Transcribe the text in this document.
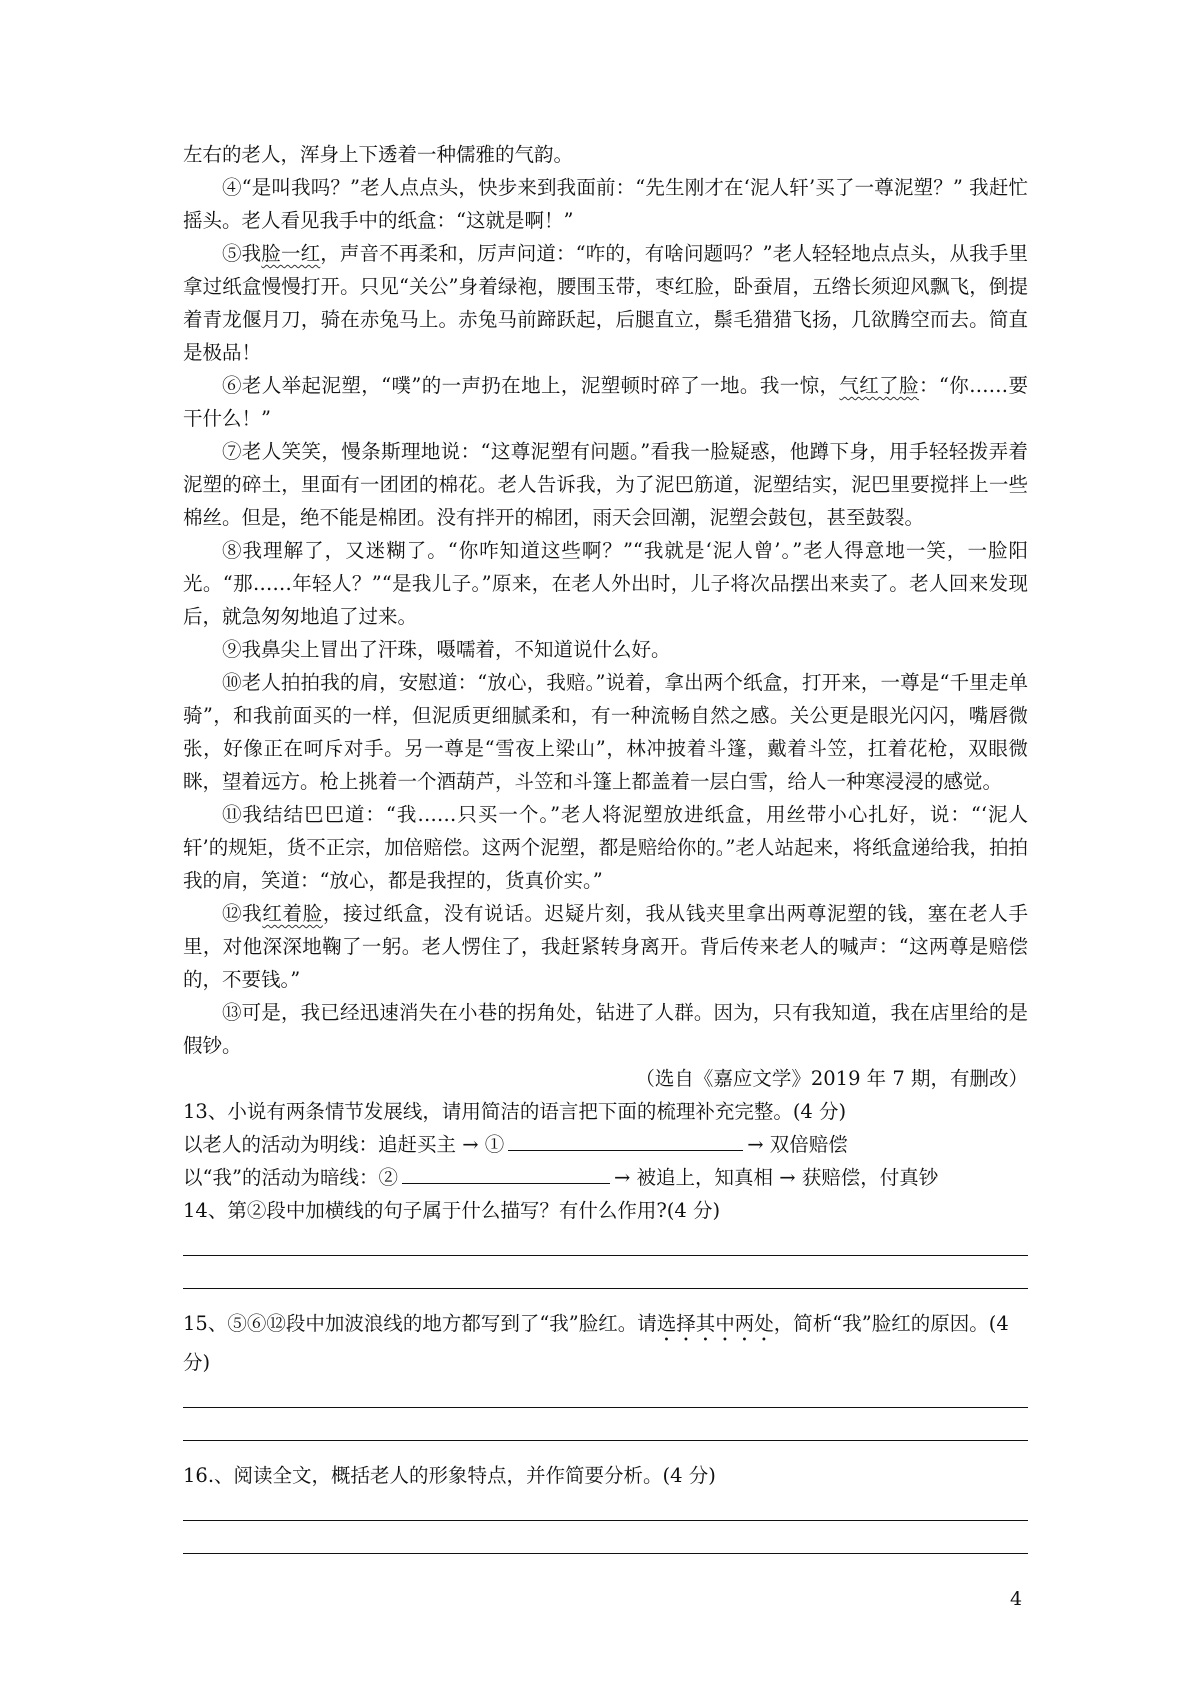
左右的老人，浑身上下透着一种儒雅的气韵。

④“是叫我吗？”老人点点头，快步来到我面前：“先生刚才在‘泥人轩’买了一尊泥塑？” 我赶忙摇头。老人看见我手中的纸盒：“这就是啊！”

⑤我脸一红，声音不再柔和，厉声问道：“咋的，有啥问题吗？”老人轻轻地点点头，从我手里拿过纸盒慢慢打开。只见“关公”身着绿袍，腰围玉带，枣红脸，卧蚕眉，五绺长须迎风飘飞，倒提着青龙偃月刀，骑在赤兔马上。赤兔马前蹄跃起，后腿直立，鬃毛猎猎飞扬，几欲腾空而去。简直是极品！

⑥老人举起泥塑，“噗”的一声扔在地上，泥塑顿时碎了一地。我一惊，气红了脸：“你……要干什么！”

⑦老人笑笑，慢条斯理地说：“这尊泥塑有问题。”看我一脸疑惑，他蹲下身，用手轻轻拨弄着泥塑的碎土，里面有一团团的棉花。老人告诉我，为了泥巴筋道，泥塑结实，泥巴里要搅拌上一些棉丝。但是，绝不能是棉团。没有拌开的棉团，雨天会回潮，泥塑会鼓包，甚至鼓裂。

⑧我理解了，又迷糊了。“你咋知道这些啊？”“我就是‘泥人曾’。”老人得意地一笑，一脸阳光。“那……年轻人？”“是我儿子。”原来，在老人外出时，儿子将次品摆出来卖了。老人回来发现后，就急匆匆地追了过来。

⑨我鼻尖上冒出了汗珠，嗫嚅着，不知道说什么好。

⑩老人拍拍我的肩，安慰道：“放心，我赔。”说着，拿出两个纸盒，打开来，一尊是“千里走单骑”，和我前面买的一样，但泥质更细腻柔和，有一种流畅自然之感。关公更是眼光闪闪，嘴唇微张，好像正在呵斥对手。另一尊是“雪夜上梁山”，林冲披着斗篷，戴着斗笠，扛着花枪，双眼微眯，望着远方。枪上挑着一个酒葫芦，斗笠和斗篷上都盖着一层白雪，给人一种寒浸浸的感觉。

⑪我结结巴巴道：“我……只买一个。”老人将泥塑放进纸盒，用丝带小心扎好，说：“‘泥人轩’的规矩，货不正宗，加倍赔偿。这两个泥塑，都是赔给你的。”老人站起来，将纸盒递给我，拍拍我的肩，笑道：“放心，都是我捏的，货真价实。”

⑫我红着脸，接过纸盒，没有说话。迟疑片刻，我从钱夹里拿出两尊泥塑的钱，塞在老人手里，对他深深地鞠了一躬。老人愣住了，我赶紧转身离开。背后传来老人的喊声：“这两尊是赔偿的，不要钱。”

⑬可是，我已经迅速消失在小巷的拐角处，钻进了人群。因为，只有我知道，我在店里给的是假钞。

（选自《嘉应文学》2019 年 7 期，有删改）

13、小说有两条情节发展线，请用简洁的语言把下面的梳理补充完整。(4 分)

以老人的活动为明线：追赶买主 → ①	→ 双倍赔偿

以“我”的活动为暗线：②	→ 被追上，知真相 → 获赔偿，付真钞

14、第②段中加横线的句子属于什么描写？有什么作用?(4 分)

15、⑤⑥⑫段中加波浪线的地方都写到了“我”脸红。请选择其中两处，简析“我”脸红的原因。(4 分)

16.、阅读全文，概括老人的形象特点，并作简要分析。(4 分)

4
